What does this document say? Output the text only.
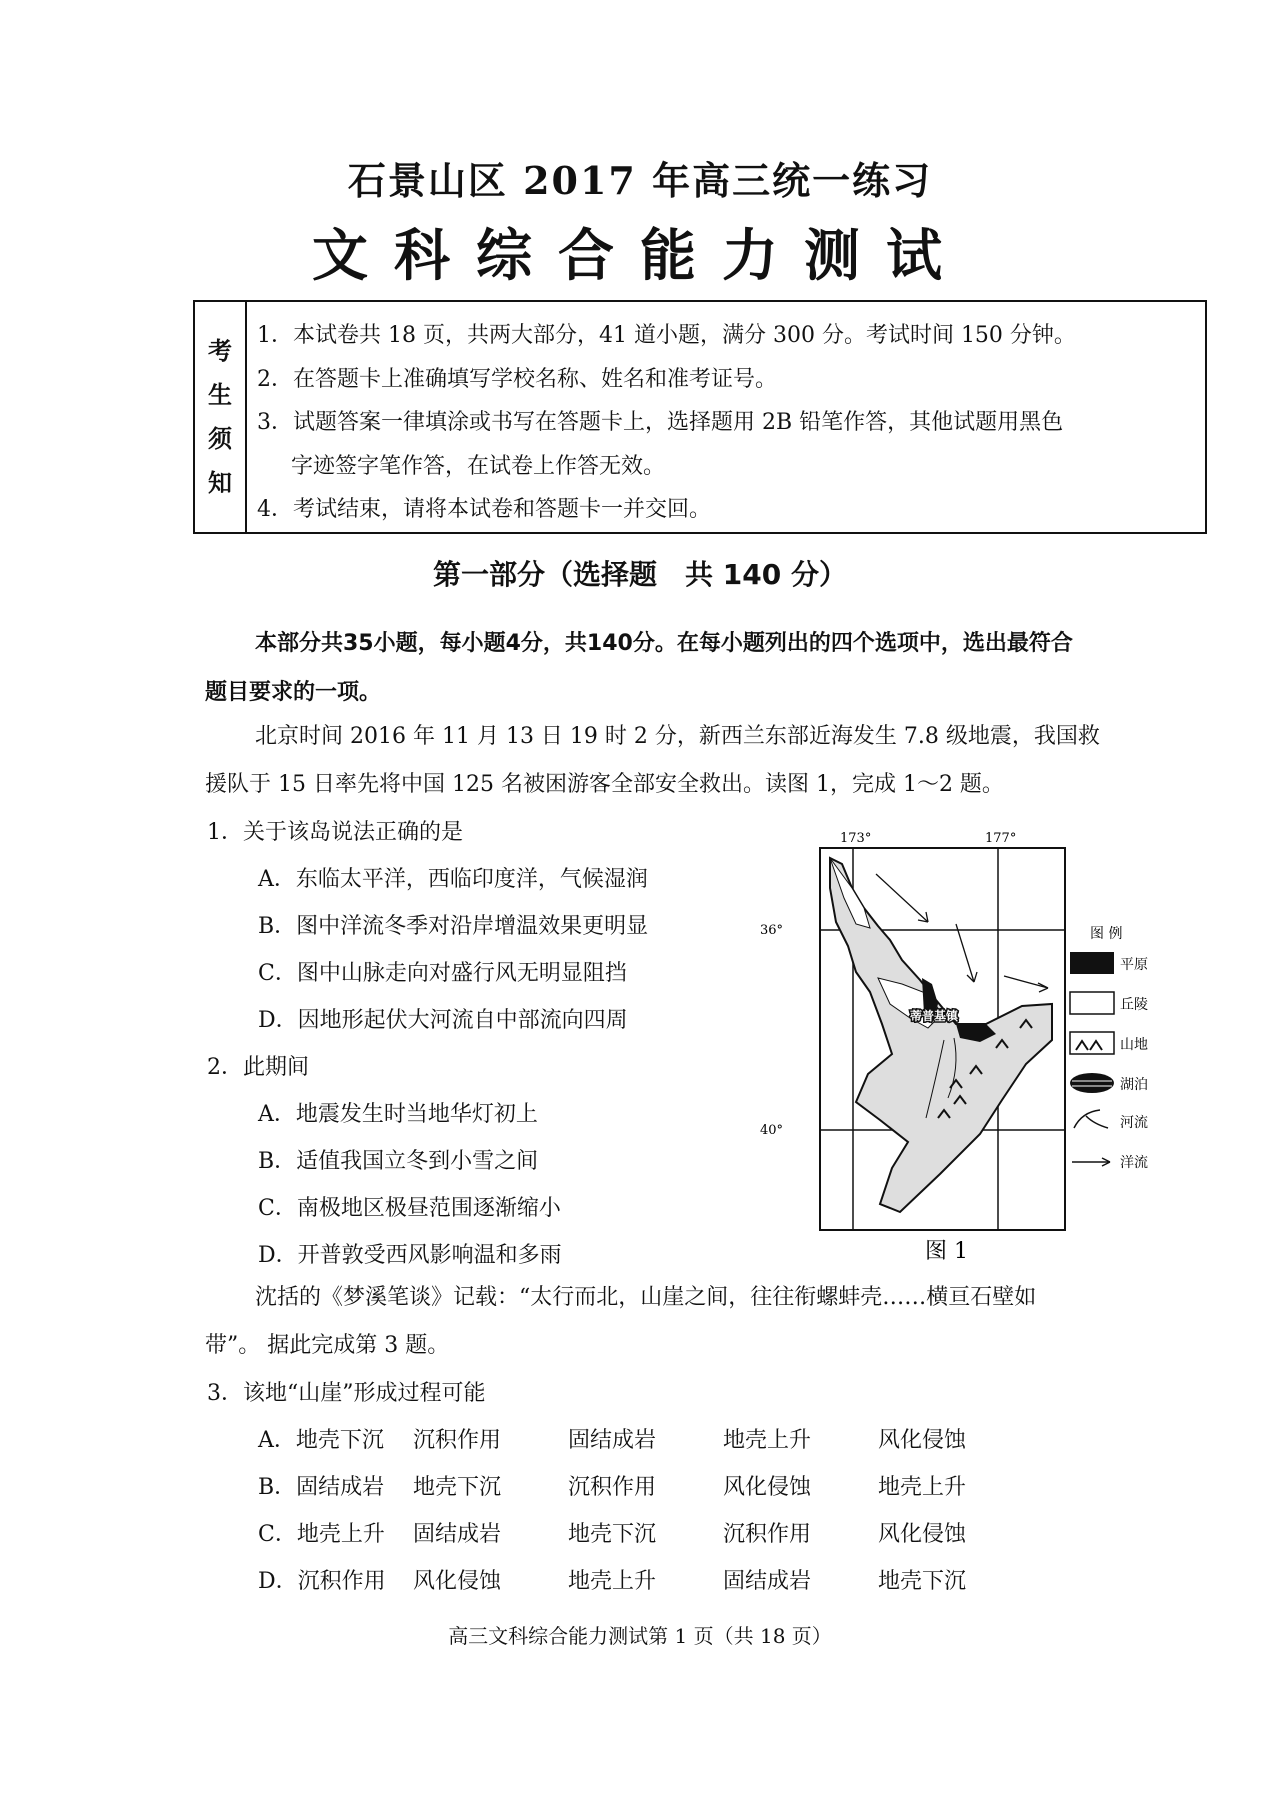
石景山区 2017 年高三统一练习
文科综合能力测试
考
生
须
知
1．本试卷共 18 页，共两大部分，41 道小题，满分 300 分。考试时间 150 分钟。
2．在答题卡上准确填写学校名称、姓名和准考证号。
3．试题答案一律填涂或书写在答题卡上，选择题用 2B 铅笔作答，其他试题用黑色
字迹签字笔作答，在试卷上作答无效。
4．考试结束，请将本试卷和答题卡一并交回。
第一部分（选择题　共 140 分）
本部分共35小题，每小题4分，共140分。在每小题列出的四个选项中，选出最符合
题目要求的一项。
北京时间 2016 年 11 月 13 日 19 时 2 分，新西兰东部近海发生 7.8 级地震，我国救
援队于 15 日率先将中国 125 名被困游客全部安全救出。读图 1，完成 1～2 题。
1．关于该岛说法正确的是
A．东临太平洋，西临印度洋，气候湿润
B．图中洋流冬季对沿岸增温效果更明显
C．图中山脉走向对盛行风无明显阻挡
D．因地形起伏大河流自中部流向四周
2．此期间
A．地震发生时当地华灯初上
B．适值我国立冬到小雪之间
C．南极地区极昼范围逐渐缩小
D．开普敦受西风影响温和多雨
173°	177°
36°
40°
蒂普基镇
图 例
平原
丘陵
山地
湖泊
河流
洋流
图 1
沈括的《梦溪笔谈》记载：“太行而北，山崖之间，往往衔螺蚌壳……横亘石壁如
带”。 据此完成第 3 题。
3．该地“山崖”形成过程可能
A．地壳下沉	沉积作用	固结成岩	地壳上升	风化侵蚀
B．固结成岩	地壳下沉	沉积作用	风化侵蚀	地壳上升
C．地壳上升	固结成岩	地壳下沉	沉积作用	风化侵蚀
D．沉积作用	风化侵蚀	地壳上升	固结成岩	地壳下沉
高三文科综合能力测试第 1 页（共 18 页）
